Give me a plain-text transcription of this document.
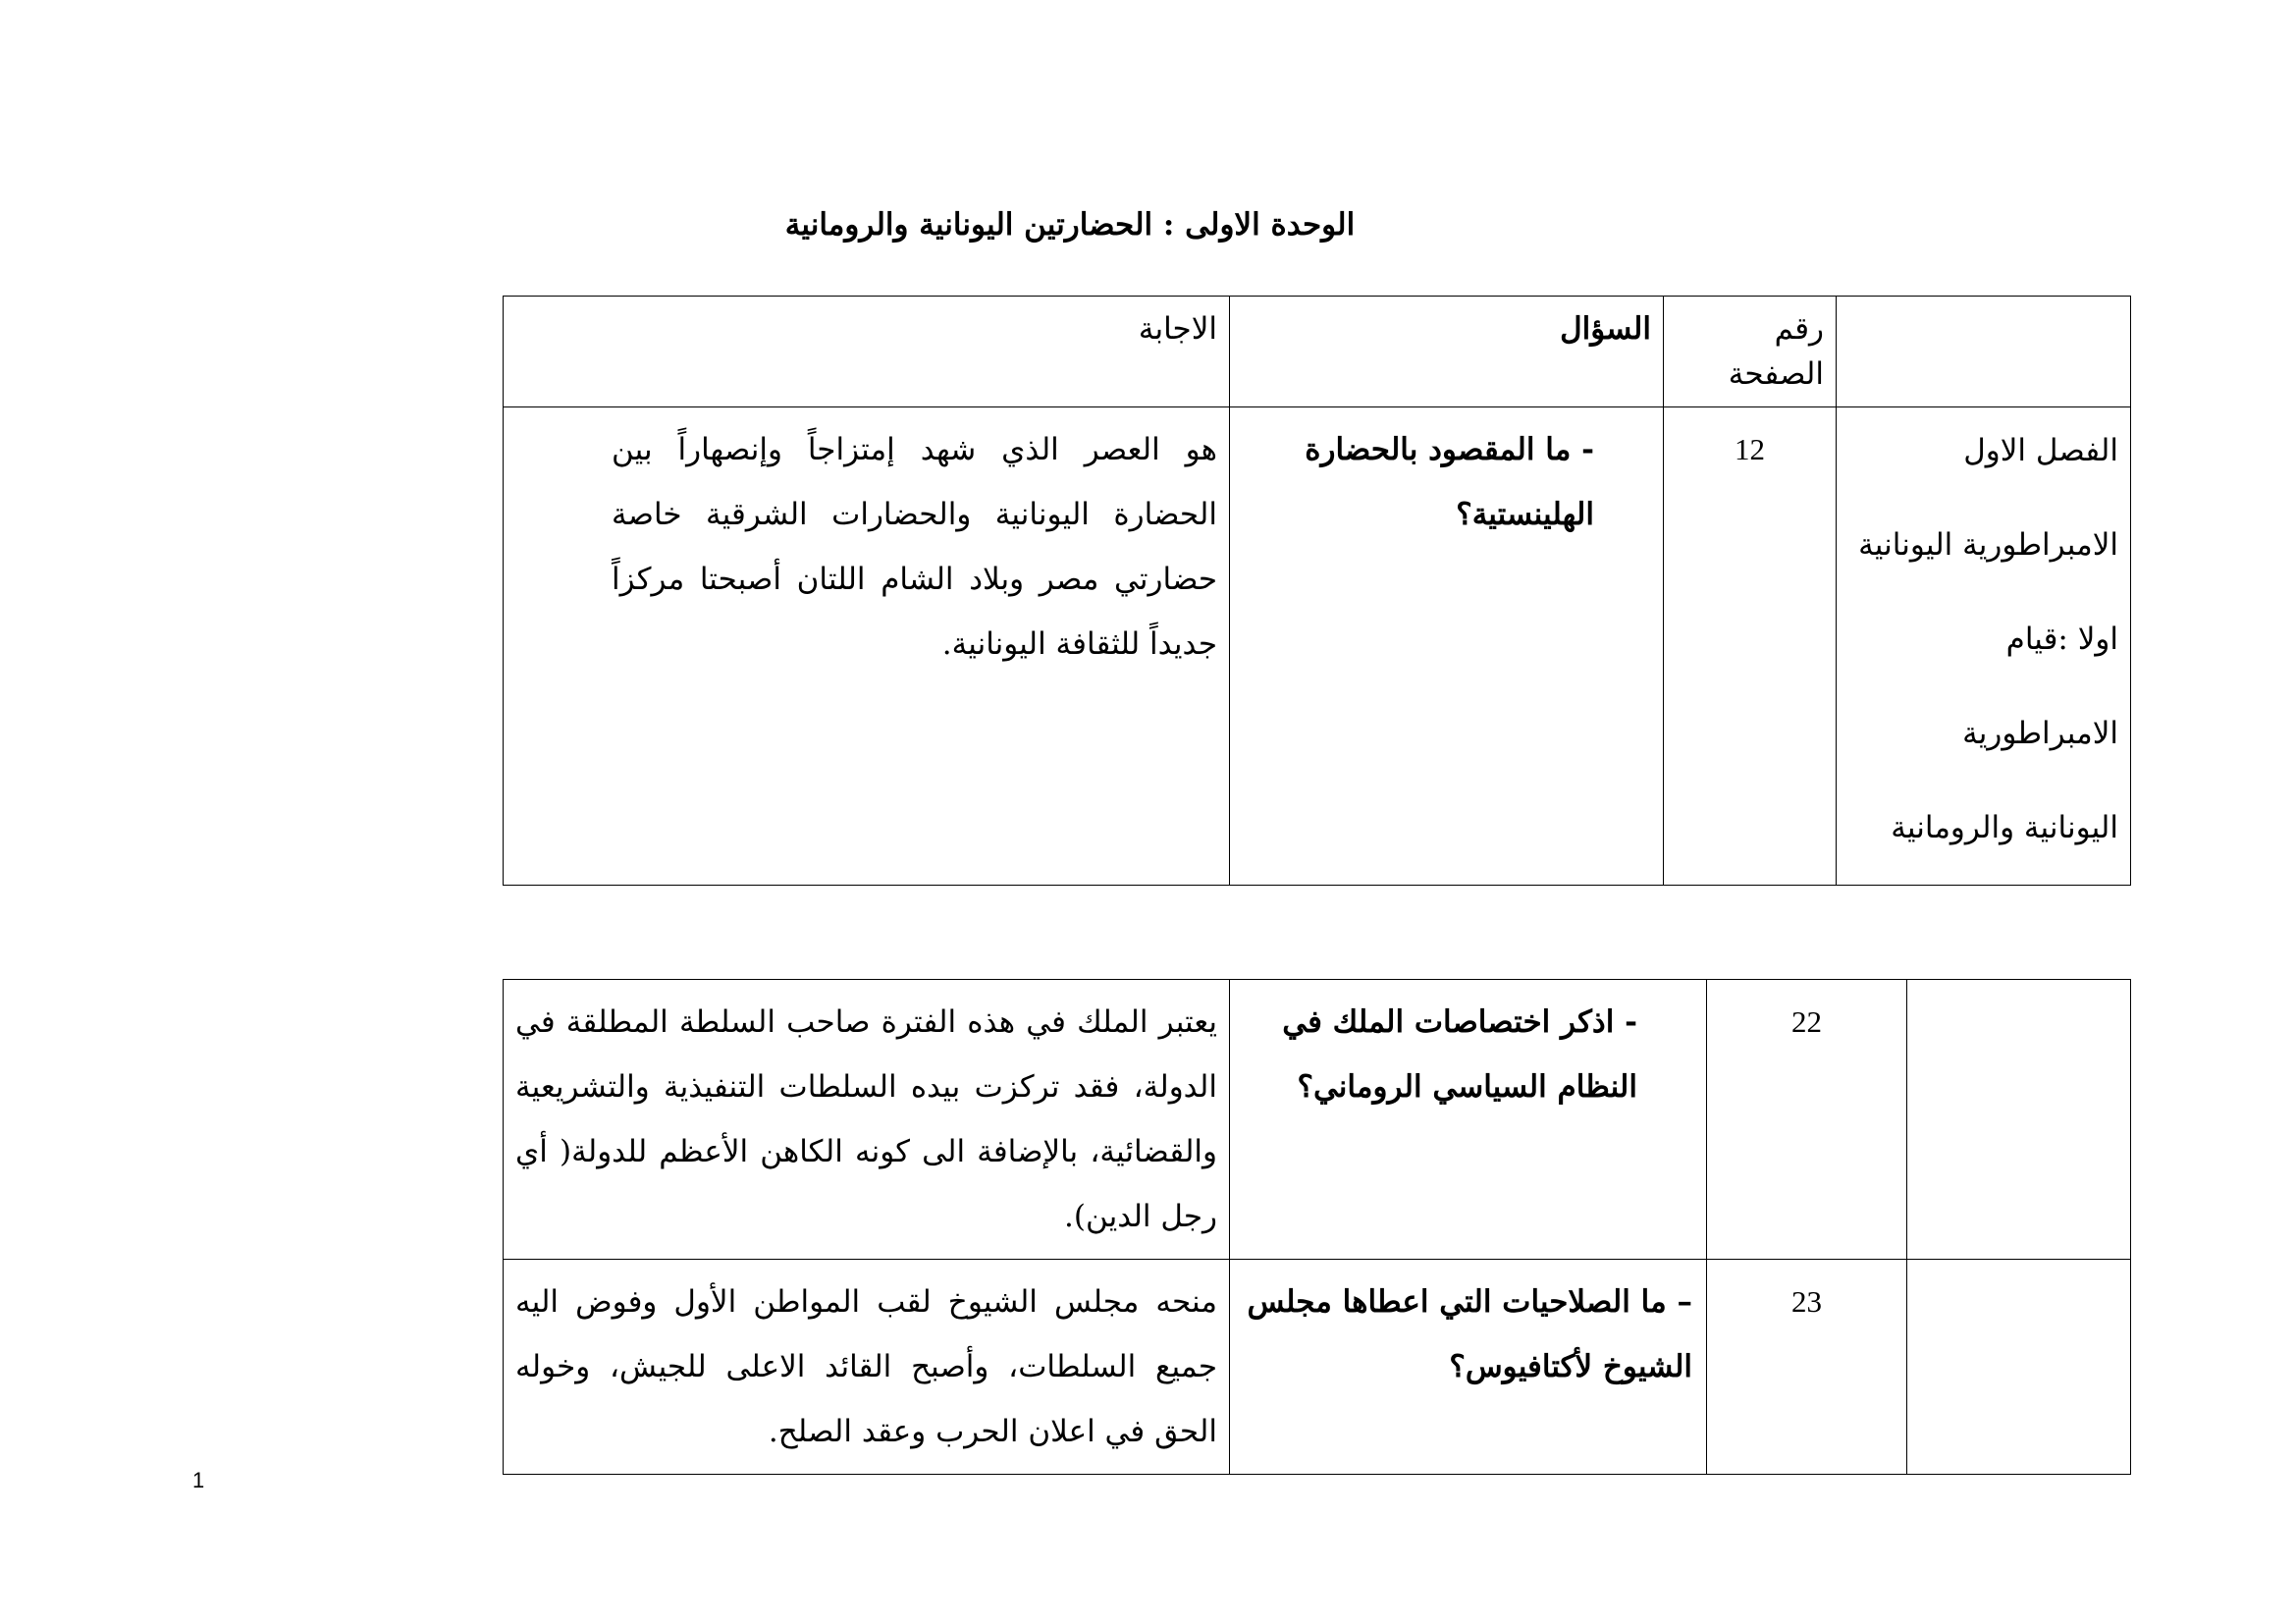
الوحدة الاولى : الحضارتين اليونانية والرومانية
	رقم الصفحة	السؤال	الاجابة

الفصل الاول
الامبراطورية اليونانية
اولا :قيام الامبراطورية
اليونانية والرومانية	12	- ما المقصود بالحضارة الهلينستية؟	هو العصر الذي شهد إمتزاجاً وإنصهاراً بين الحضارة اليونانية والحضارات الشرقية خاصة حضارتي مصر وبلاد الشام اللتان أصبحتا مركزاً جديداً للثقافة اليونانية.
	22	- اذكر اختصاصات الملك في النظام السياسي الروماني؟	يعتبر الملك في هذه الفترة صاحب السلطة المطلقة في الدولة، فقد تركزت بيده السلطات التنفيذية والتشريعية والقضائية، بالإضافة الى كونه الكاهن الأعظم للدولة( أي رجل الدين).
	23	– ما الصلاحيات التي اعطاها مجلس الشيوخ لأكتافيوس؟	منحه مجلس الشيوخ لقب المواطن الأول وفوض اليه جميع السلطات، وأصبح القائد الاعلى للجيش، وخوله الحق في اعلان الحرب وعقد الصلح.
1
